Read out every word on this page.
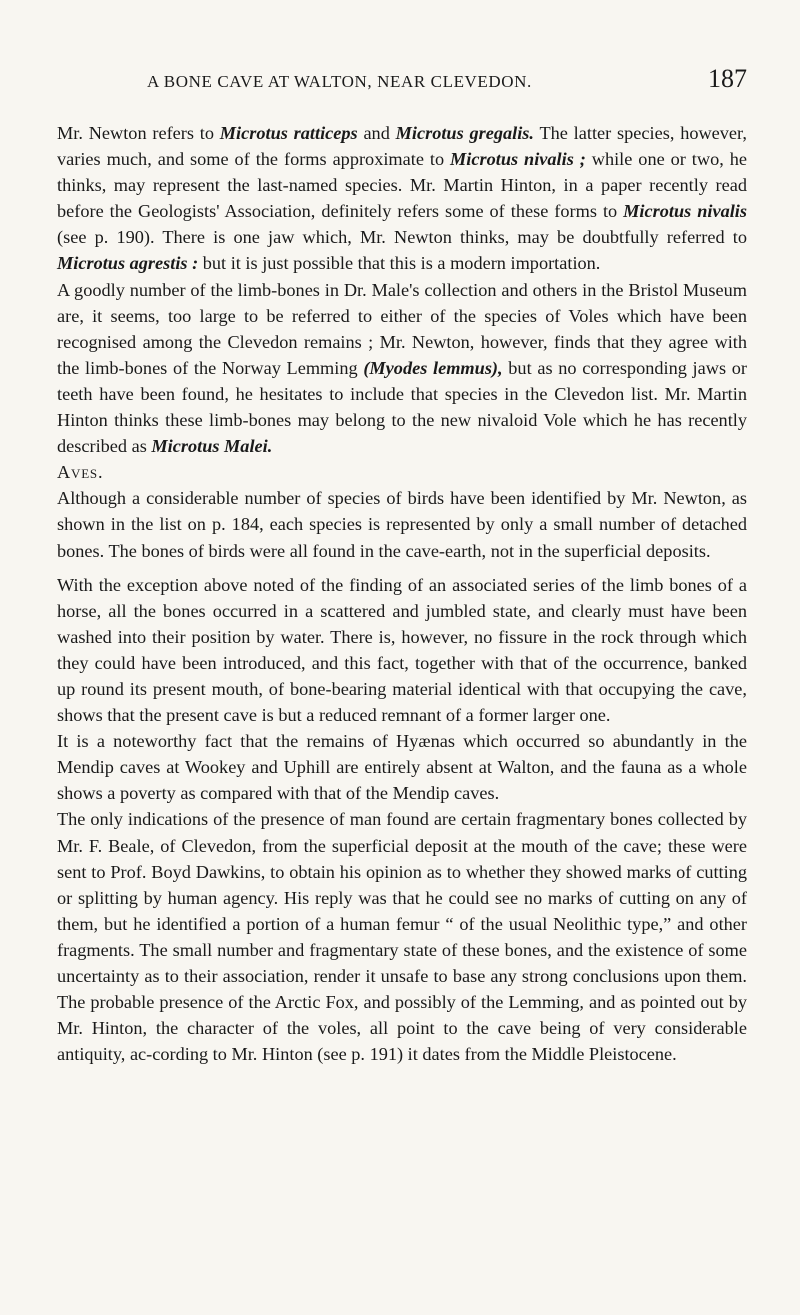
A BONE CAVE AT WALTON, NEAR CLEVEDON.	187

Mr. Newton refers to Microtus ratticeps and Microtus gregalis. The latter species, however, varies much, and some of the forms approximate to Microtus nivalis ; while one or two, he thinks, may represent the last-named species. Mr. Martin Hinton, in a paper recently read before the Geologists' Association, definitely refers some of these forms to Microtus nivalis (see p. 190). There is one jaw which, Mr. Newton thinks, may be doubtfully referred to Microtus agrestis : but it is just possible that this is a modern importation.

A goodly number of the limb-bones in Dr. Male's collection and others in the Bristol Museum are, it seems, too large to be referred to either of the species of Voles which have been recognised among the Clevedon remains ; Mr. Newton, however, finds that they agree with the limb-bones of the Norway Lemming (Myodes lemmus), but as no corresponding jaws or teeth have been found, he hesitates to include that species in the Clevedon list. Mr. Martin Hinton thinks these limb-bones may belong to the new nivaloid Vole which he has recently described as Microtus Malei.

Aves.

Although a considerable number of species of birds have been identified by Mr. Newton, as shown in the list on p. 184, each species is represented by only a small number of detached bones. The bones of birds were all found in the cave-earth, not in the superficial deposits.

With the exception above noted of the finding of an associated series of the limb bones of a horse, all the bones occurred in a scattered and jumbled state, and clearly must have been washed into their position by water. There is, however, no fissure in the rock through which they could have been introduced, and this fact, together with that of the occurrence, banked up round its present mouth, of bone-bearing material identical with that occupying the cave, shows that the present cave is but a reduced remnant of a former larger one.

It is a noteworthy fact that the remains of Hyænas which occurred so abundantly in the Mendip caves at Wookey and Uphill are entirely absent at Walton, and the fauna as a whole shows a poverty as compared with that of the Mendip caves.

The only indications of the presence of man found are certain fragmentary bones collected by Mr. F. Beale, of Clevedon, from the superficial deposit at the mouth of the cave; these were sent to Prof. Boyd Dawkins, to obtain his opinion as to whether they showed marks of cutting or splitting by human agency. His reply was that he could see no marks of cutting on any of them, but he identified a portion of a human femur “ of the usual Neolithic type,” and other fragments. The small number and fragmentary state of these bones, and the existence of some uncertainty as to their association, render it unsafe to base any strong conclusions upon them. The probable presence of the Arctic Fox, and possibly of the Lemming, and as pointed out by Mr. Hinton, the character of the voles, all point to the cave being of very considerable antiquity, ac-cording to Mr. Hinton (see p. 191) it dates from the Middle Pleistocene.
